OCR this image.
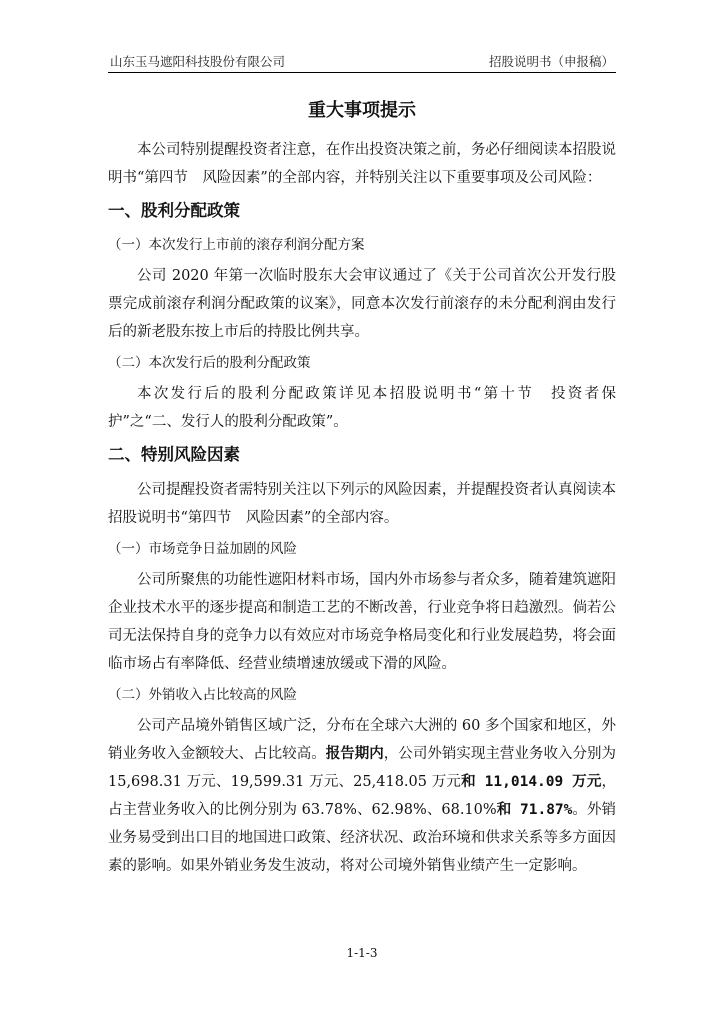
山东玉马遮阳科技股份有限公司	招股说明书（申报稿）
重大事项提示

本公司特别提醒投资者注意，在作出投资决策之前，务必仔细阅读本招股说明书“第四节　风险因素”的全部内容，并特别关注以下重要事项及公司风险：

一、股利分配政策
（一）本次发行上市前的滚存利润分配方案

公司 2020 年第一次临时股东大会审议通过了《关于公司首次公开发行股票完成前滚存利润分配政策的议案》，同意本次发行前滚存的未分配利润由发行后的新老股东按上市后的持股比例共享。

（二）本次发行后的股利分配政策

本次发行后的股利分配政策详见本招股说明书“第十节　投资者保护”之“二、发行人的股利分配政策”。

二、特别风险因素

公司提醒投资者需特别关注以下列示的风险因素，并提醒投资者认真阅读本招股说明书“第四节　风险因素”的全部内容。

（一）市场竞争日益加剧的风险

公司所聚焦的功能性遮阳材料市场，国内外市场参与者众多，随着建筑遮阳企业技术水平的逐步提高和制造工艺的不断改善，行业竞争将日趋激烈。倘若公司无法保持自身的竞争力以有效应对市场竞争格局变化和行业发展趋势，将会面临市场占有率降低、经营业绩增速放缓或下滑的风险。

（二）外销收入占比较高的风险

公司产品境外销售区域广泛，分布在全球六大洲的 60 多个国家和地区，外销业务收入金额较大、占比较高。报告期内，公司外销实现主营业务收入分别为 15,698.31 万元、19,599.31 万元、25,418.05 万元和 11,014.09 万元，占主营业务收入的比例分别为 63.78%、62.98%、68.10%和 71.87%。外销业务易受到出口目的地国进口政策、经济状况、政治环境和供求关系等多方面因素的影响。如果外销业务发生波动，将对公司境外销售业绩产生一定影响。

1-1-3
